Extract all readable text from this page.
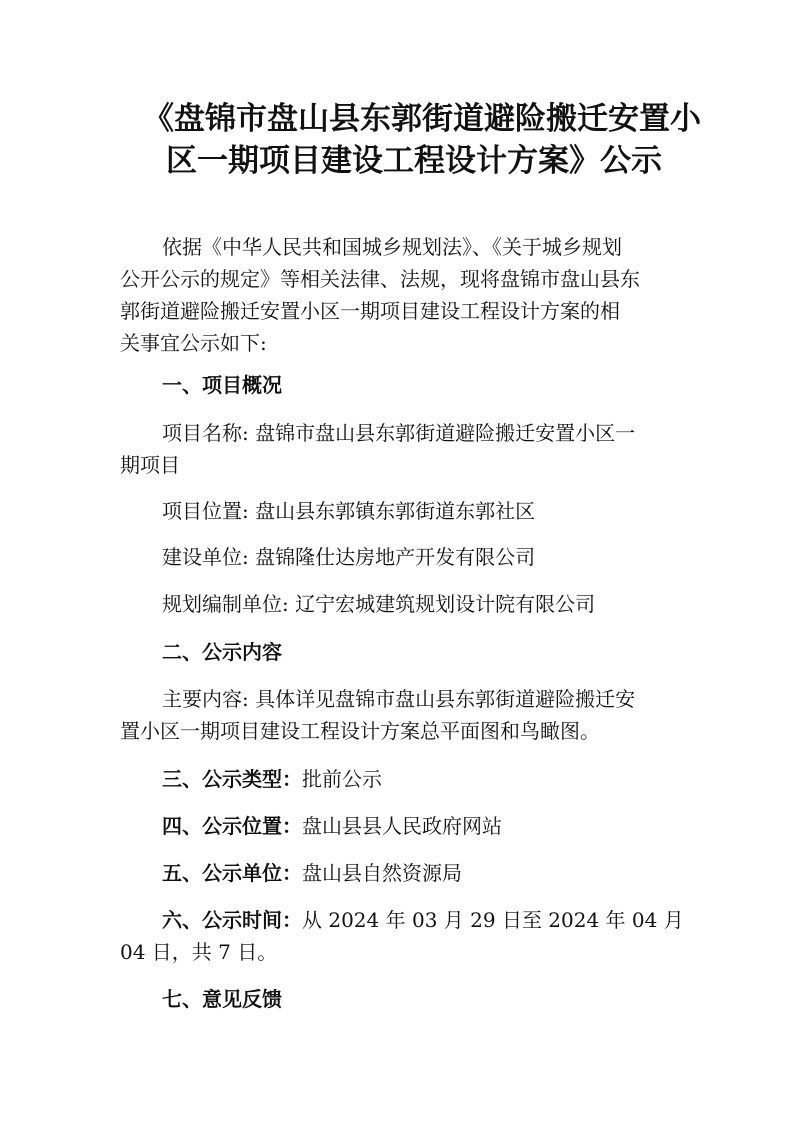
《盘锦市盘山县东郭街道避险搬迁安置小

区一期项目建设工程设计方案》公示

依据《中华人民共和国城乡规划法》、《关于城乡规划

公开公示的规定》等相关法律、法规，现将盘锦市盘山县东

郭街道避险搬迁安置小区一期项目建设工程设计方案的相

关事宜公示如下:

一、项目概况

项目名称: 盘锦市盘山县东郭街道避险搬迁安置小区一

期项目

项目位置: 盘山县东郭镇东郭街道东郭社区

建设单位: 盘锦隆仕达房地产开发有限公司

规划编制单位: 辽宁宏城建筑规划设计院有限公司

二、公示内容

主要内容: 具体详见盘锦市盘山县东郭街道避险搬迁安

置小区一期项目建设工程设计方案总平面图和鸟瞰图。

三、公示类型：批前公示

四、公示位置：盘山县县人民政府网站

五、公示单位：盘山县自然资源局

六、公示时间：从 2024 年 03 月 29 日至 2024 年 04 月

04 日，共 7 日。

七、意见反馈
